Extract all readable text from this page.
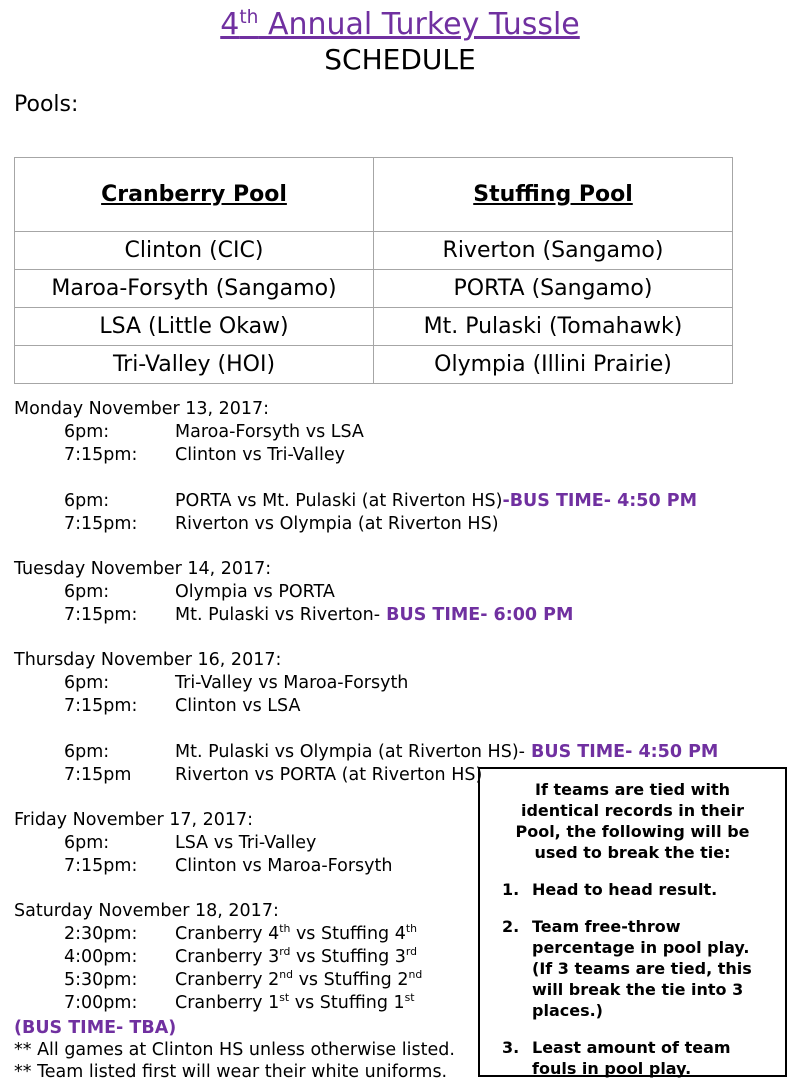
4th Annual Turkey Tussle
SCHEDULE
Pools:
Cranberry Pool	Stuffing Pool
Clinton (CIC)	Riverton (Sangamo)
Maroa-Forsyth (Sangamo)	PORTA (Sangamo)
LSA (Little Okaw)	Mt. Pulaski (Tomahawk)
Tri-Valley (HOI)	Olympia (Illini Prairie)
Monday November 13, 2017:
6pm:	Maroa-Forsyth vs LSA
7:15pm:	Clinton vs Tri-Valley
6pm:	PORTA vs Mt. Pulaski (at Riverton HS)-BUS TIME- 4:50 PM
7:15pm:	Riverton vs Olympia (at Riverton HS)
Tuesday November 14, 2017:
6pm:	Olympia vs PORTA
7:15pm:	Mt. Pulaski vs Riverton- BUS TIME- 6:00 PM
Thursday November 16, 2017:
6pm:	Tri-Valley vs Maroa-Forsyth
7:15pm:	Clinton vs LSA
6pm:	Mt. Pulaski vs Olympia (at Riverton HS)- BUS TIME- 4:50 PM
7:15pm	Riverton vs PORTA (at Riverton HS)
Friday November 17, 2017:
6pm:	LSA vs Tri-Valley
7:15pm:	Clinton vs Maroa-Forsyth
Saturday November 18, 2017:
2:30pm:	Cranberry 4th vs Stuffing 4th
4:00pm:	Cranberry 3rd vs Stuffing 3rd
5:30pm:	Cranberry 2nd vs Stuffing 2nd
7:00pm:	Cranberry 1st vs Stuffing 1st
(BUS TIME- TBA)
** All games at Clinton HS unless otherwise listed.
** Team listed first will wear their white uniforms.
If teams are tied with identical records in their Pool, the following will be used to break the tie:
1. Head to head result.
2. Team free-throw percentage in pool play. (If 3 teams are tied, this will break the tie into 3 places.)
3. Least amount of team fouls in pool play.
